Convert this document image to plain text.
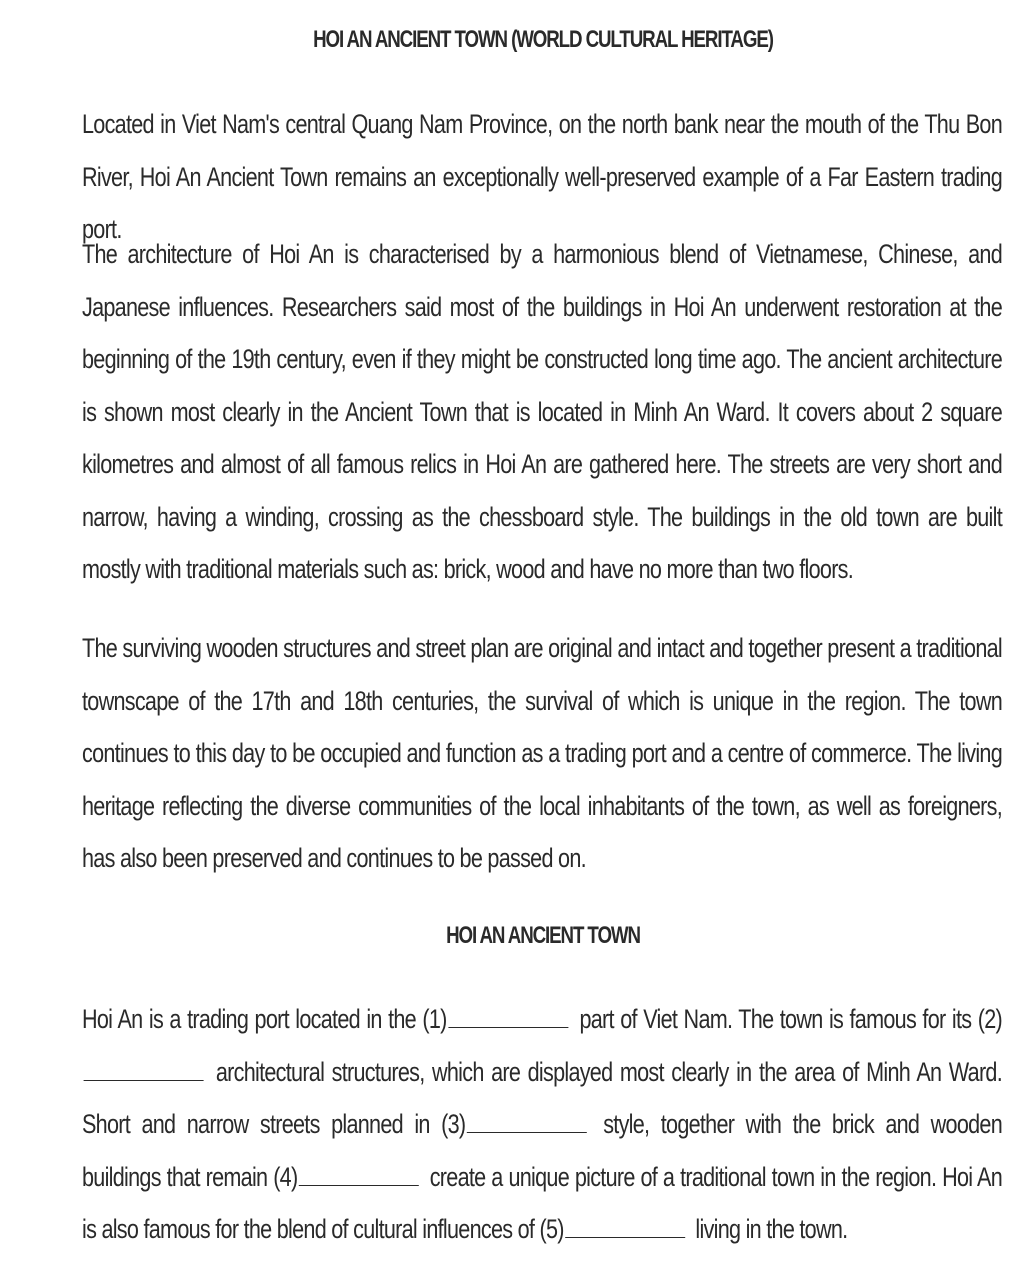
HOI AN ANCIENT TOWN (WORLD CULTURAL HERITAGE)
Located in Viet Nam's central Quang Nam Province, on the north bank near the mouth of the Thu Bon River, Hoi An Ancient Town remains an exceptionally well-preserved example of a Far Eastern trading port.
The architecture of Hoi An is characterised by a harmonious blend of Vietnamese, Chinese, and Japanese influences. Researchers said most of the buildings in Hoi An underwent restoration at the beginning of the 19th century, even if they might be constructed long time ago. The ancient architecture is shown most clearly in the Ancient Town that is located in Minh An Ward. It covers about 2 square kilometres and almost of all famous relics in Hoi An are gathered here. The streets are very short and narrow, having a winding, crossing as the chessboard style. The buildings in the old town are built mostly with traditional materials such as: brick, wood and have no more than two floors.
The surviving wooden structures and street plan are original and intact and together present a traditional townscape of the 17th and 18th centuries, the survival of which is unique in the region. The town continues to this day to be occupied and function as a trading port and a centre of commerce. The living heritage reflecting the diverse communities of the local inhabitants of the town, as well as foreigners, has also been preserved and continues to be passed on.
HOI AN ANCIENT TOWN
Hoi An is a trading port located in the (1)	part of Viet Nam. The town is famous for its (2) architectural structures, which are displayed most clearly in the area of Minh An Ward. Short and narrow streets planned in (3)	style, together with the brick and wooden buildings that remain (4)	create a unique picture of a traditional town in the region. Hoi An is also famous for the blend of cultural influences of (5)	living in the town.
